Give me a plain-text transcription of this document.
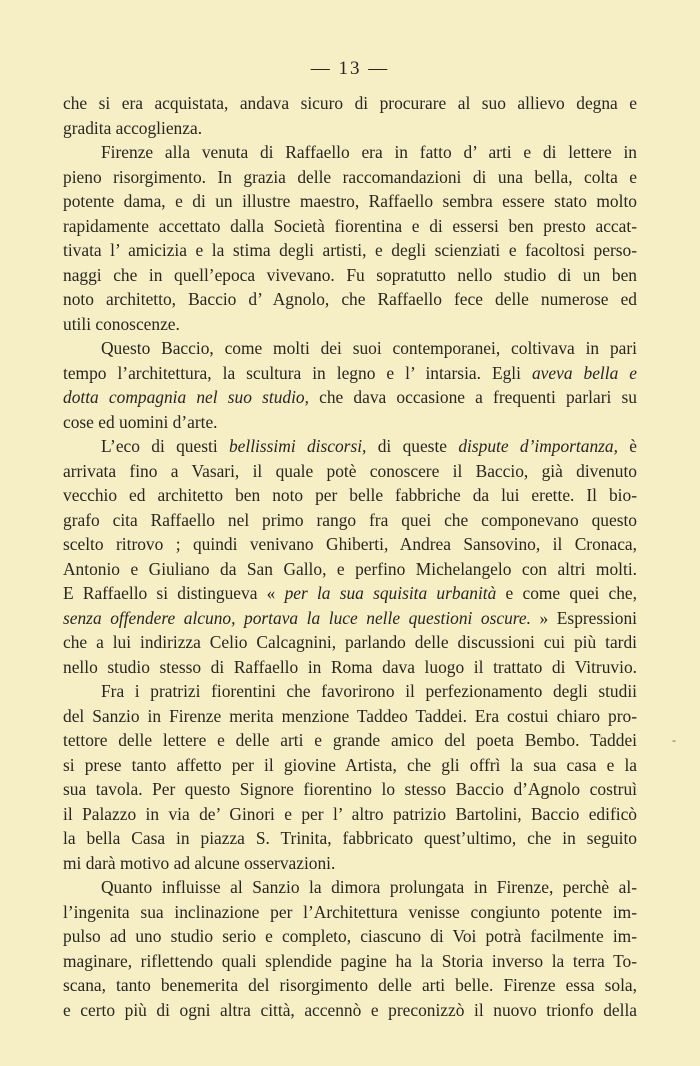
— 13 —
che si era acquistata, andava sicuro di procurare al suo allievo degna e
gradita accoglienza.
Firenze alla venuta di Raffaello era in fatto d’ arti e di lettere in
pieno risorgimento. In grazia delle raccomandazioni di una bella, colta e
potente dama, e di un illustre maestro, Raffaello sembra essere stato molto
rapidamente accettato dalla Società fiorentina e di essersi ben presto accat-
tivata l’ amicizia e la stima degli artisti, e degli scienziati e facoltosi perso-
naggi che in quell’epoca vivevano. Fu sopratutto nello studio di un ben
noto architetto, Baccio d’ Agnolo, che Raffaello fece delle numerose ed
utili conoscenze.
Questo Baccio, come molti dei suoi contemporanei, coltivava in pari
tempo l’architettura, la scultura in legno e l’ intarsia. Egli aveva bella e
dotta compagnia nel suo studio, che dava occasione a frequenti parlari su
cose ed uomini d’arte.
L’eco di questi bellissimi discorsi, di queste dispute d’importanza, è
arrivata fino a Vasari, il quale potè conoscere il Baccio, già divenuto
vecchio ed architetto ben noto per belle fabbriche da lui erette. Il bio-
grafo cita Raffaello nel primo rango fra quei che componevano questo
scelto ritrovo ; quindi venivano Ghiberti, Andrea Sansovino, il Cronaca,
Antonio e Giuliano da San Gallo, e perfino Michelangelo con altri molti.
E Raffaello si distingueva « per la sua squisita urbanità e come quei che,
senza offendere alcuno, portava la luce nelle questioni oscure. » Espressioni
che a lui indirizza Celio Calcagnini, parlando delle discussioni cui più tardi
nello studio stesso di Raffaello in Roma dava luogo il trattato di Vitruvio.
Fra i pratrizi fiorentini che favorirono il perfezionamento degli studii
del Sanzio in Firenze merita menzione Taddeo Taddei. Era costui chiaro pro-
tettore delle lettere e delle arti e grande amico del poeta Bembo. Taddei
si prese tanto affetto per il giovine Artista, che gli offrì la sua casa e la
sua tavola. Per questo Signore fiorentino lo stesso Baccio d’Agnolo costruì
il Palazzo in via de’ Ginori e per l’ altro patrizio Bartolini, Baccio edificò
la bella Casa in piazza S. Trinita, fabbricato quest’ultimo, che in seguito
mi darà motivo ad alcune osservazioni.
Quanto influisse al Sanzio la dimora prolungata in Firenze, perchè al-
l’ingenita sua inclinazione per l’Architettura venisse congiunto potente im-
pulso ad uno studio serio e completo, ciascuno di Voi potrà facilmente im-
maginare, riflettendo quali splendide pagine ha la Storia inverso la terra To-
scana, tanto benemerita del risorgimento delle arti belle. Firenze essa sola,
e certo più di ogni altra città, accennò e preconizzò il nuovo trionfo della
-
